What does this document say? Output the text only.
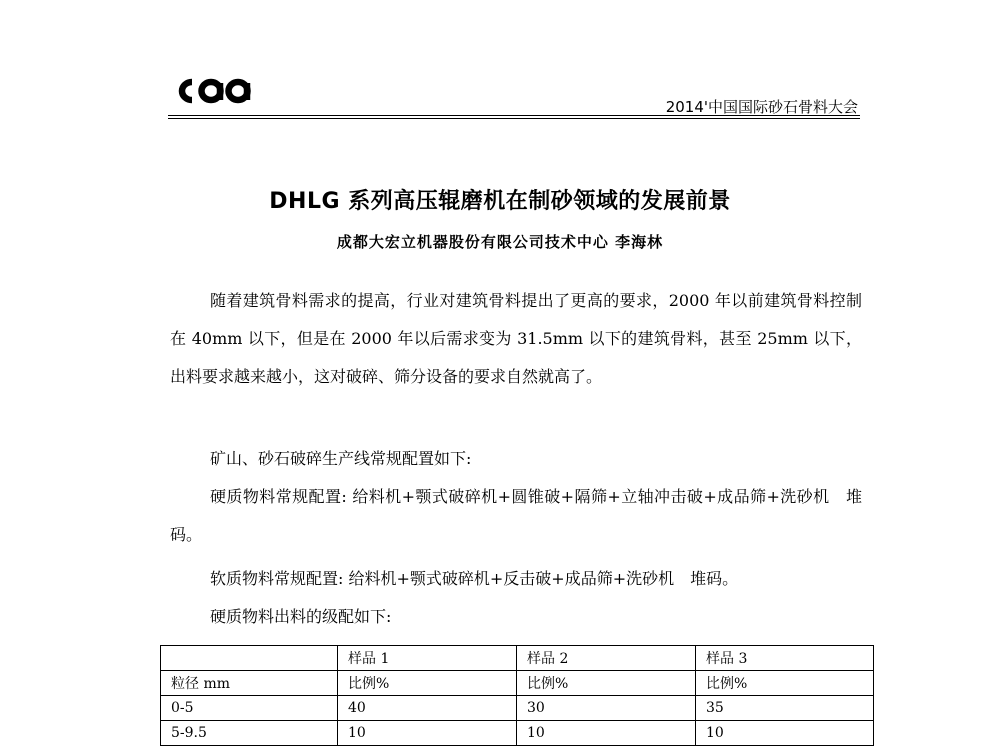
2014'中国国际砂石骨料大会
DHLG 系列高压辊磨机在制砂领域的发展前景
成都大宏立机器股份有限公司技术中心 李海林

随着建筑骨料需求的提高，行业对建筑骨料提出了更高的要求，2000 年以前建筑骨料控制在 40mm 以下，但是在 2000 年以后需求变为 31.5mm 以下的建筑骨料，甚至 25mm 以下，出料要求越来越小，这对破碎、筛分设备的要求自然就高了。

矿山、砂石破碎生产线常规配置如下:

硬质物料常规配置: 给料机+颚式破碎机+圆锥破+隔筛+立轴冲击破+成品筛+洗砂机　堆码。

软质物料常规配置: 给料机+颚式破碎机+反击破+成品筛+洗砂机　堆码。

硬质物料出料的级配如下:

	样品 1	样品 2	样品 3
粒径 mm	比例%	比例%	比例%
0-5	40	30	35
5-9.5	10	10	10
